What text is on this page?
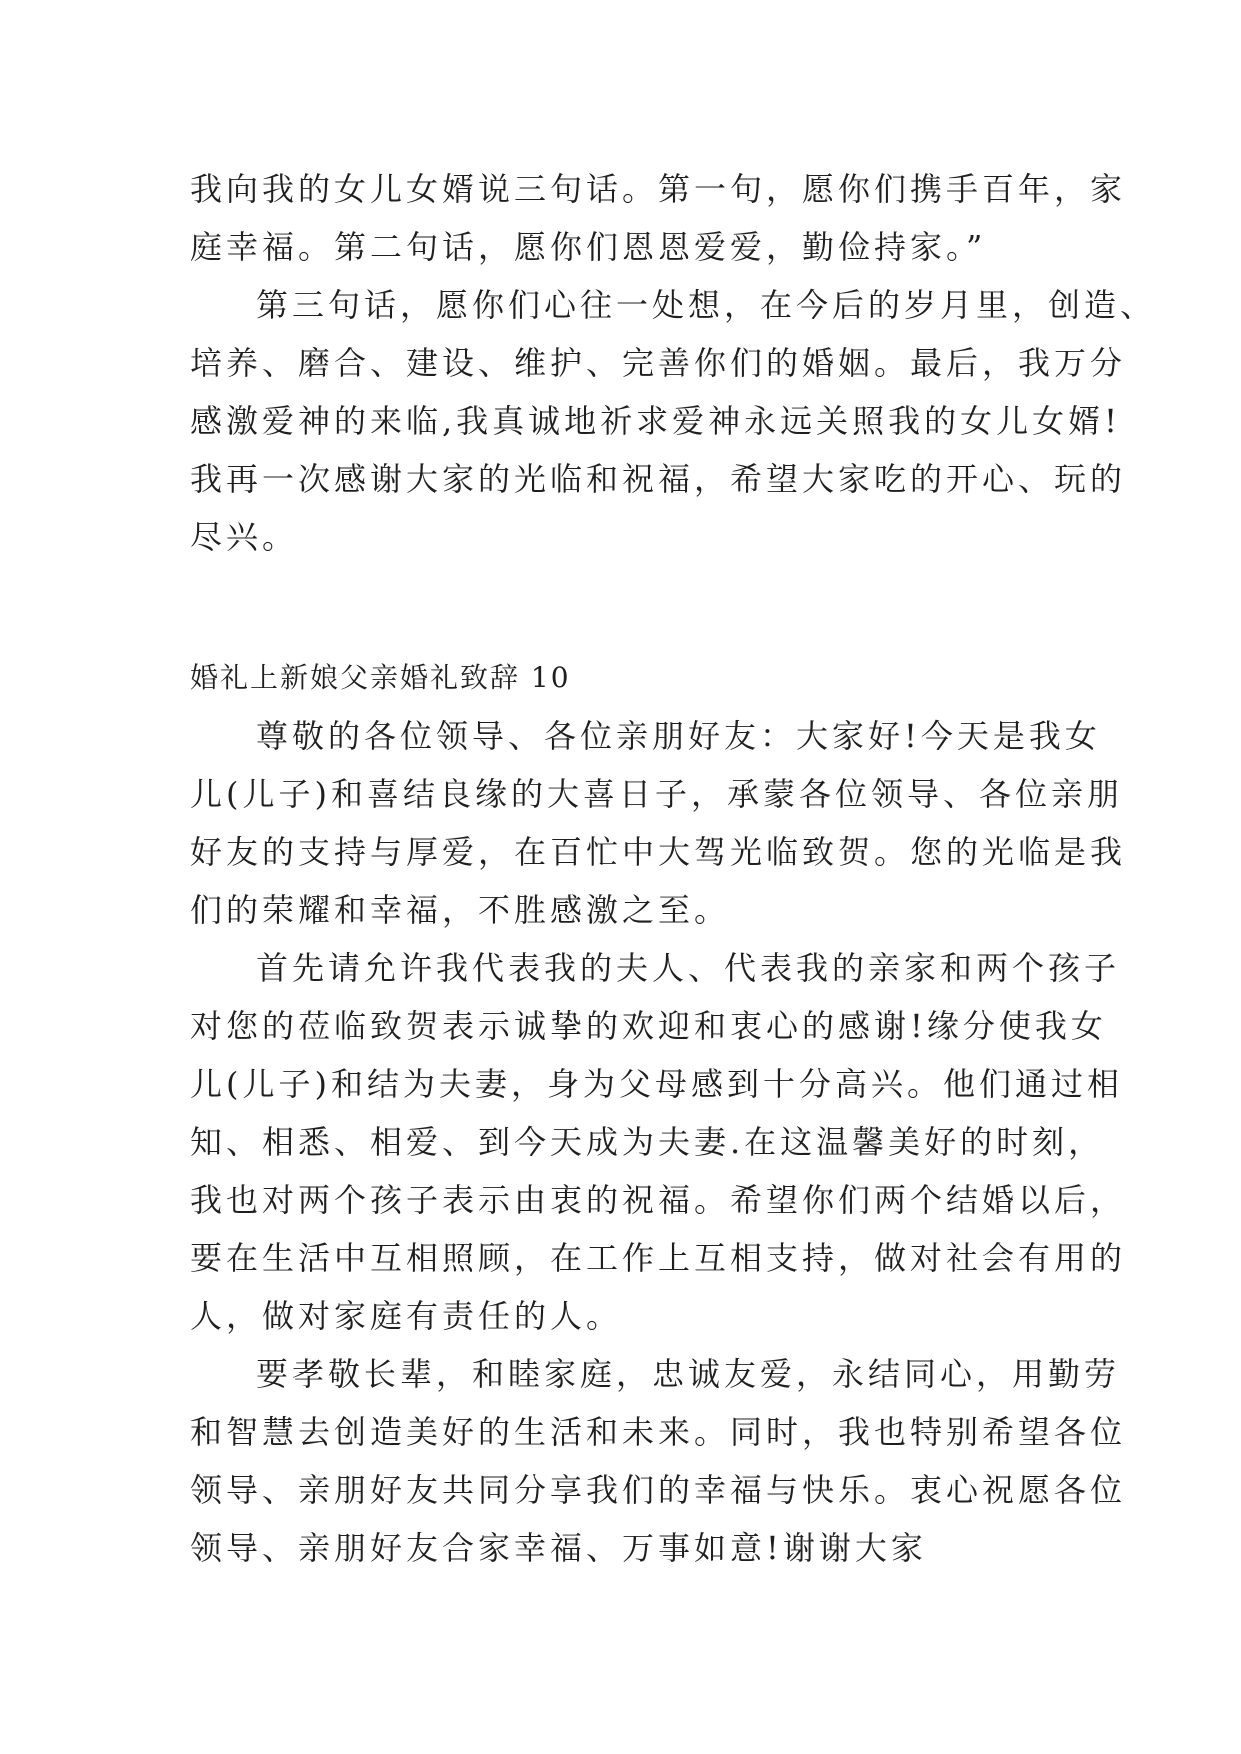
我向我的女儿女婿说三句话。第一句，愿你们携手百年，家
庭幸福。第二句话，愿你们恩恩爱爱，勤俭持家。”
第三句话，愿你们心往一处想，在今后的岁月里，创造、
培养、磨合、建设、维护、完善你们的婚姻。最后，我万分
感激爱神的来临,我真诚地祈求爱神永远关照我的女儿女婿!
我再一次感谢大家的光临和祝福，希望大家吃的开心、玩的
尽兴。
婚礼上新娘父亲婚礼致辞 10
尊敬的各位领导、各位亲朋好友：大家好!今天是我女
儿(儿子)和喜结良缘的大喜日子，承蒙各位领导、各位亲朋
好友的支持与厚爱，在百忙中大驾光临致贺。您的光临是我
们的荣耀和幸福，不胜感激之至。
首先请允许我代表我的夫人、代表我的亲家和两个孩子
对您的莅临致贺表示诚挚的欢迎和衷心的感谢!缘分使我女
儿(儿子)和结为夫妻，身为父母感到十分高兴。他们通过相
知、相悉、相爱、到今天成为夫妻.在这温馨美好的时刻，
我也对两个孩子表示由衷的祝福。希望你们两个结婚以后，
要在生活中互相照顾，在工作上互相支持，做对社会有用的
人，做对家庭有责任的人。
要孝敬长辈，和睦家庭，忠诚友爱，永结同心，用勤劳
和智慧去创造美好的生活和未来。同时，我也特别希望各位
领导、亲朋好友共同分享我们的幸福与快乐。衷心祝愿各位
领导、亲朋好友合家幸福、万事如意!谢谢大家
